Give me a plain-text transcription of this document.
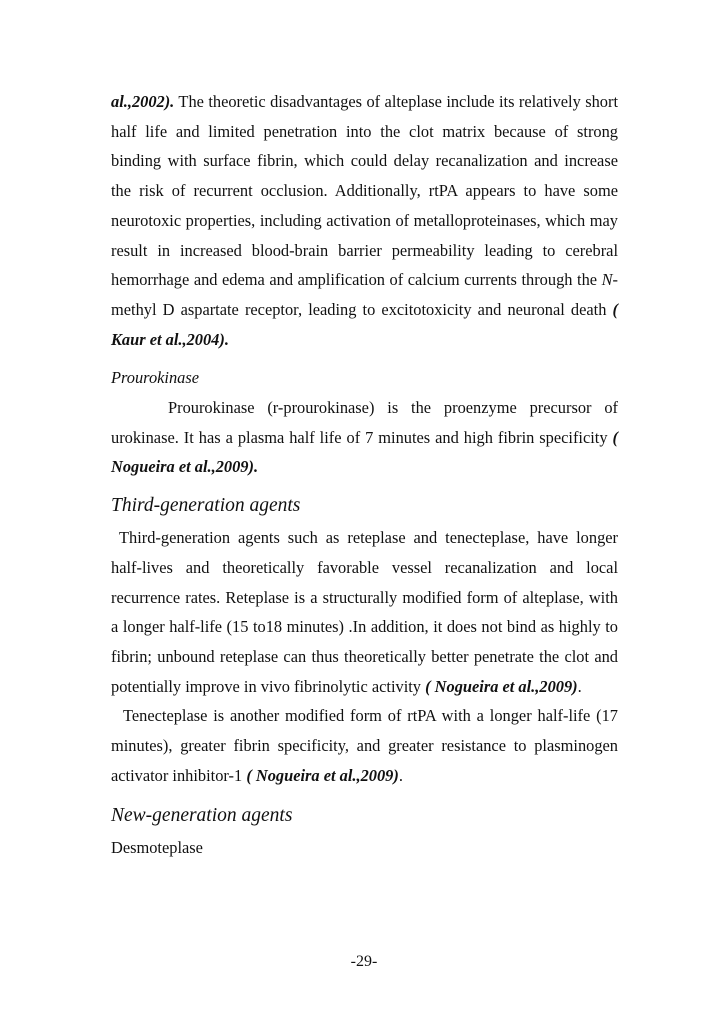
al.,2002). The theoretic disadvantages of alteplase include its relatively short half life and limited penetration into the clot matrix because of strong binding with surface fibrin, which could delay recanalization and increase the risk of recurrent occlusion. Additionally, rtPA appears to have some neurotoxic properties, including activation of metalloproteinases, which may result in increased blood-brain barrier permeability leading to cerebral hemorrhage and edema and amplification of calcium currents through the N-methyl D aspartate receptor, leading to excitotoxicity and neuronal death ( Kaur et al.,2004).

Prourokinase

Prourokinase (r-prourokinase) is the proenzyme precursor of urokinase. It has a plasma half life of 7 minutes and high fibrin specificity ( Nogueira et al.,2009).

Third-generation agents

Third-generation agents such as reteplase and tenecteplase, have longer half-lives and theoretically favorable vessel recanalization and local recurrence rates. Reteplase is a structurally modified form of alteplase, with a longer half-life (15 to18 minutes) .In addition, it does not bind as highly to fibrin; unbound reteplase can thus theoretically better penetrate the clot and potentially improve in vivo fibrinolytic activity ( Nogueira et al.,2009).

Tenecteplase is another modified form of rtPA with a longer half-life (17 minutes), greater fibrin specificity, and greater resistance to plasminogen activator inhibitor-1 ( Nogueira et al.,2009).

New-generation agents

Desmoteplase

-29-
